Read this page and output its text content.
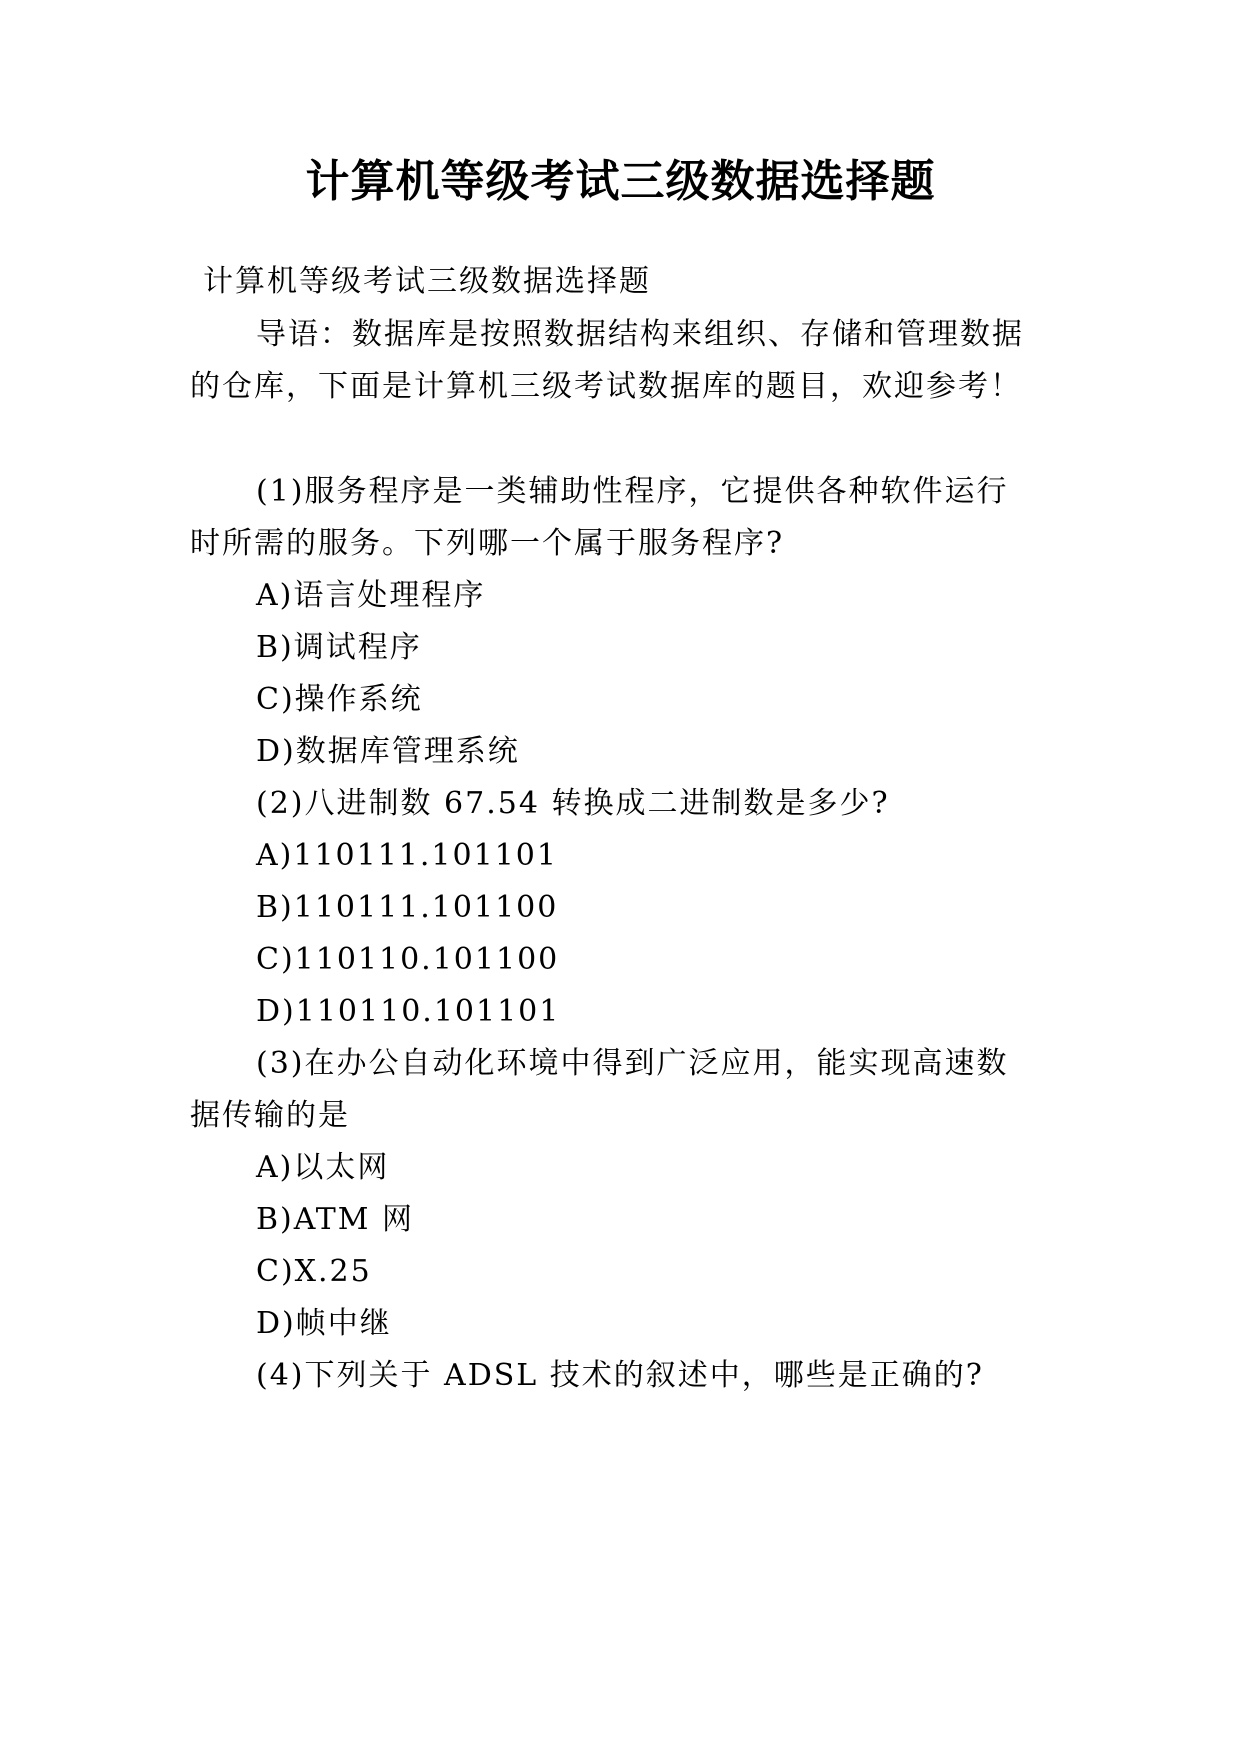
计算机等级考试三级数据选择题
计算机等级考试三级数据选择题
导语：数据库是按照数据结构来组织、存储和管理数据
的仓库，下面是计算机三级考试数据库的题目，欢迎参考！
(1)服务程序是一类辅助性程序，它提供各种软件运行
时所需的服务。下列哪一个属于服务程序?
A)语言处理程序
B)调试程序
C)操作系统
D)数据库管理系统
(2)八进制数 67.54 转换成二进制数是多少?
A)110111.101101
B)110111.101100
C)110110.101100
D)110110.101101
(3)在办公自动化环境中得到广泛应用，能实现高速数
据传输的是
A)以太网
B)ATM 网
C)X.25
D)帧中继
(4)下列关于 ADSL 技术的叙述中，哪些是正确的?
